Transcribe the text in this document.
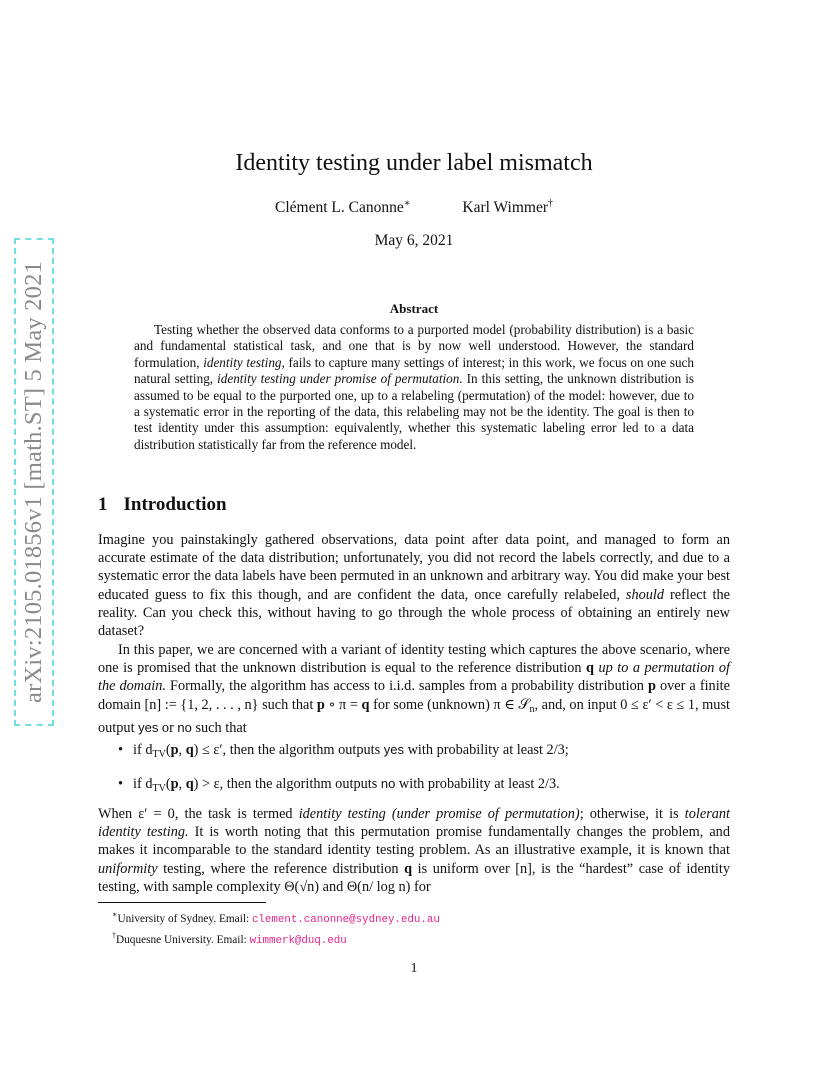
arXiv:2105.01856v1 [math.ST] 5 May 2021
Identity testing under label mismatch
Clément L. Canonne∗	Karl Wimmer†
May 6, 2021
Abstract

Testing whether the observed data conforms to a purported model (probability distribution) is a basic and fundamental statistical task, and one that is by now well understood. However, the standard formulation, identity testing, fails to capture many settings of interest; in this work, we focus on one such natural setting, identity testing under promise of permutation. In this setting, the unknown distribution is assumed to be equal to the purported one, up to a relabeling (permutation) of the model: however, due to a systematic error in the reporting of the data, this relabeling may not be the identity. The goal is then to test identity under this assumption: equivalently, whether this systematic labeling error led to a data distribution statistically far from the reference model.

1 Introduction

Imagine you painstakingly gathered observations, data point after data point, and managed to form an accurate estimate of the data distribution; unfortunately, you did not record the labels correctly, and due to a systematic error the data labels have been permuted in an unknown and arbitrary way. You did make your best educated guess to fix this though, and are confident the data, once carefully relabeled, should reflect the reality. Can you check this, without having to go through the whole process of obtaining an entirely new dataset?

In this paper, we are concerned with a variant of identity testing which captures the above scenario, where one is promised that the unknown distribution is equal to the reference distribution q up to a permutation of the domain. Formally, the algorithm has access to i.i.d. samples from a probability distribution p over a finite domain [n] := {1, 2, . . . , n} such that p ∘ π = q for some (unknown) π ∈ 𝒮$_n$, and, on input 0 ≤ ε′ < ε ≤ 1, must output yes or no such that

• if $d_{TV}(p$, q) ≤ ε′, then the algorithm outputs yes with probability at least 2/3;
• if $d_{TV}(p$, q) > ε, then the algorithm outputs no with probability at least 2/3.

When ε′ = 0, the task is termed identity testing (under promise of permutation); otherwise, it is tolerant identity testing. It is worth noting that this permutation promise fundamentally changes the problem, and makes it incomparable to the standard identity testing problem. As an illustrative example, it is known that uniformity testing, where the reference distribution q is uniform over [n], is the “hardest” case of identity testing, with sample complexity Θ(√n) and Θ(n/ log n) for

∗University of Sydney. Email: clement.canonne@sydney.edu.au
†Duquesne University. Email: wimmerk@duq.edu
1
